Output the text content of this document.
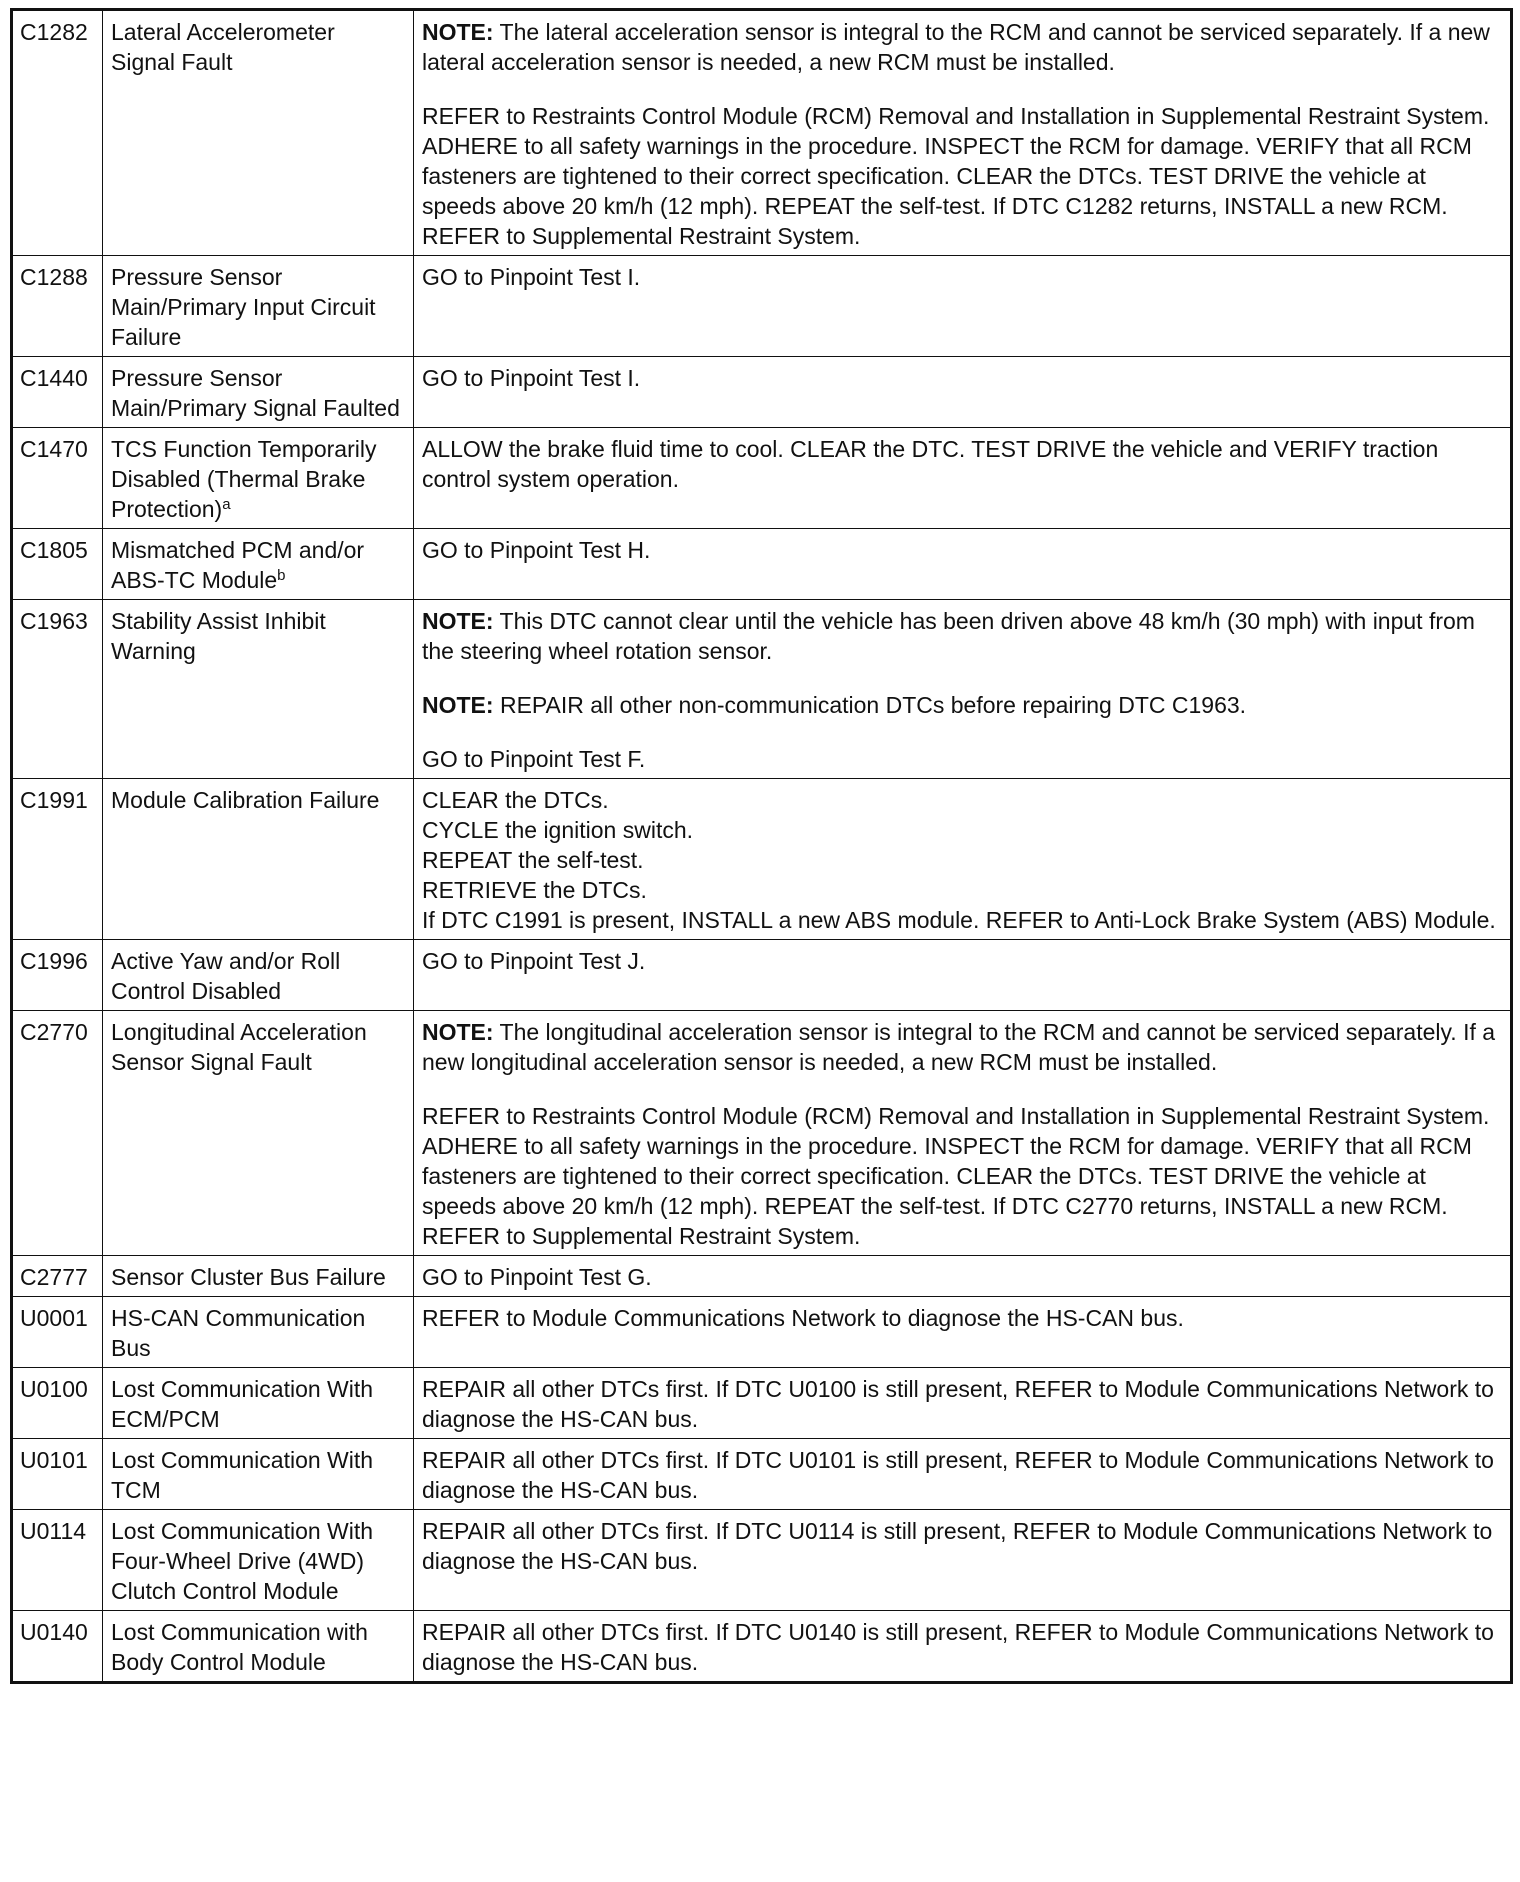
C1282	Lateral Accelerometer Signal Fault	NOTE: The lateral acceleration sensor is integral to the RCM and cannot be serviced separately. If a new lateral acceleration sensor is needed, a new RCM must be installed.

REFER to Restraints Control Module (RCM) Removal and Installation in Supplemental Restraint System. ADHERE to all safety warnings in the procedure. INSPECT the RCM for damage. VERIFY that all RCM fasteners are tightened to their correct specification. CLEAR the DTCs. TEST DRIVE the vehicle at speeds above 20 km/h (12 mph). REPEAT the self-test. If DTC C1282 returns, INSTALL a new RCM. REFER to Supplemental Restraint System.

C1288	Pressure Sensor Main/Primary Input Circuit Failure	GO to Pinpoint Test I.
C1440	Pressure Sensor Main/Primary Signal Faulted	GO to Pinpoint Test I.
C1470	TCS Function Temporarily Disabled (Thermal Brake Protection)$^a$	ALLOW the brake fluid time to cool. CLEAR the DTC. TEST DRIVE the vehicle and VERIFY traction control system operation.
C1805	Mismatched PCM and/or ABS-TC Module$^b$	GO to Pinpoint Test H.
C1963	Stability Assist Inhibit Warning	NOTE: This DTC cannot clear until the vehicle has been driven above 48 km/h (30 mph) with input from the steering wheel rotation sensor.

NOTE: REPAIR all other non-communication DTCs before repairing DTC C1963.

GO to Pinpoint Test F.

C1991	Module Calibration Failure	CLEAR the DTCs.
CYCLE the ignition switch.
REPEAT the self-test.
RETRIEVE the DTCs.
If DTC C1991 is present, INSTALL a new ABS module. REFER to Anti-Lock Brake System (ABS) Module.

C1996	Active Yaw and/or Roll Control Disabled	GO to Pinpoint Test J.
C2770	Longitudinal Acceleration Sensor Signal Fault	NOTE: The longitudinal acceleration sensor is integral to the RCM and cannot be serviced separately. If a new longitudinal acceleration sensor is needed, a new RCM must be installed.

REFER to Restraints Control Module (RCM) Removal and Installation in Supplemental Restraint System. ADHERE to all safety warnings in the procedure. INSPECT the RCM for damage. VERIFY that all RCM fasteners are tightened to their correct specification. CLEAR the DTCs. TEST DRIVE the vehicle at speeds above 20 km/h (12 mph). REPEAT the self-test. If DTC C2770 returns, INSTALL a new RCM. REFER to Supplemental Restraint System.

C2777	Sensor Cluster Bus Failure	GO to Pinpoint Test G.
U0001	HS-CAN Communication Bus	REFER to Module Communications Network to diagnose the HS-CAN bus.
U0100	Lost Communication With ECM/PCM	REPAIR all other DTCs first. If DTC U0100 is still present, REFER to Module Communications Network to diagnose the HS-CAN bus.
U0101	Lost Communication With TCM	REPAIR all other DTCs first. If DTC U0101 is still present, REFER to Module Communications Network to diagnose the HS-CAN bus.
U0114	Lost Communication With Four-Wheel Drive (4WD) Clutch Control Module	REPAIR all other DTCs first. If DTC U0114 is still present, REFER to Module Communications Network to diagnose the HS-CAN bus.
U0140	Lost Communication with Body Control Module	REPAIR all other DTCs first. If DTC U0140 is still present, REFER to Module Communications Network to diagnose the HS-CAN bus.
